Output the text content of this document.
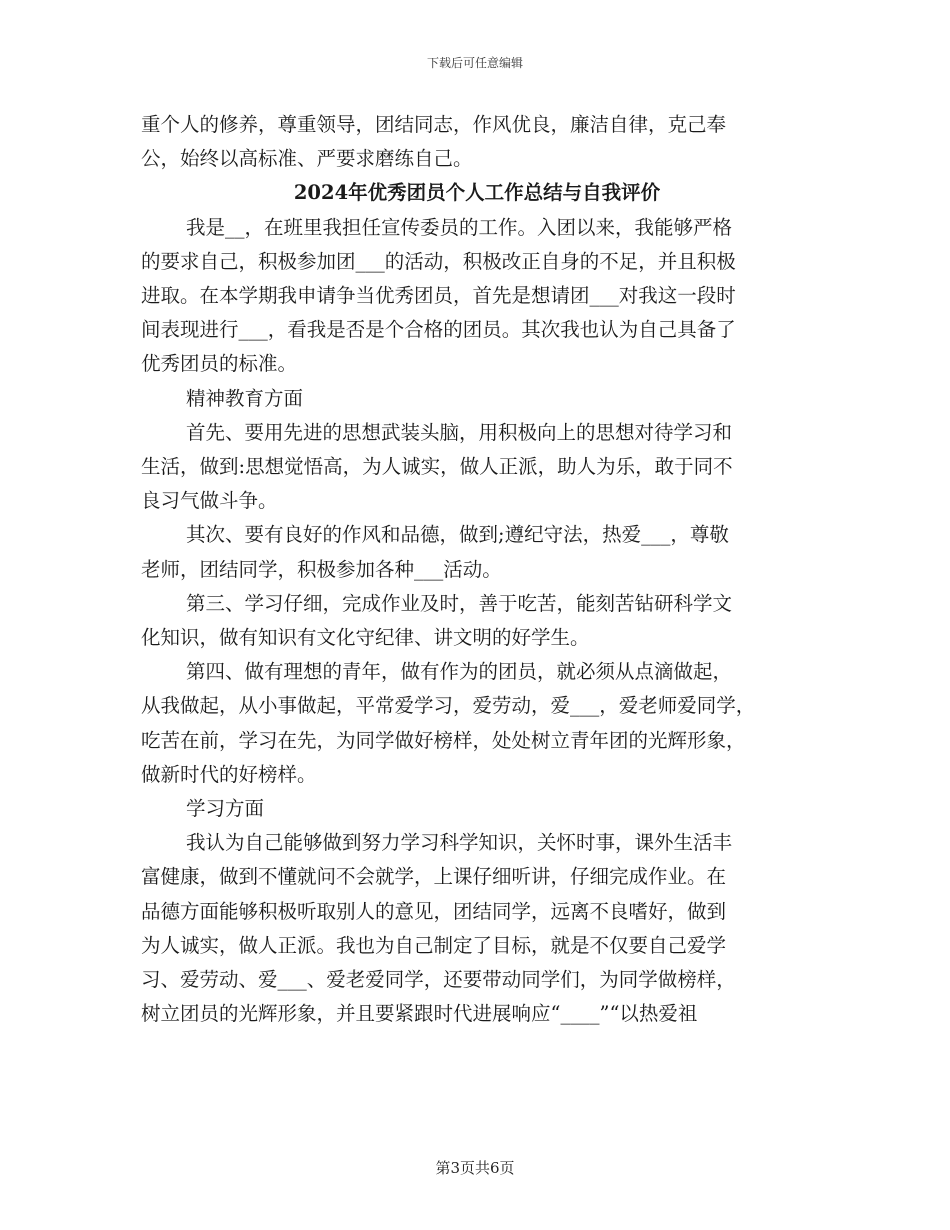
下载后可任意编辑

重个人的修养，尊重领导，团结同志，作风优良，廉洁自律，克己奉

公，始终以高标准、严要求磨练自己。

2024年优秀团员个人工作总结与自我评价

我是__，在班里我担任宣传委员的工作。入团以来，我能够严格

的要求自己，积极参加团___的活动，积极改正自身的不足，并且积极

进取。在本学期我申请争当优秀团员，首先是想请团___对我这一段时

间表现进行___，看我是否是个合格的团员。其次我也认为自己具备了

优秀团员的标准。

精神教育方面

首先、要用先进的思想武装头脑，用积极向上的思想对待学习和

生活，做到:思想觉悟高，为人诚实，做人正派，助人为乐，敢于同不

良习气做斗争。

其次、要有良好的作风和品德，做到;遵纪守法，热爱___，尊敬

老师，团结同学，积极参加各种___活动。

第三、学习仔细，完成作业及时，善于吃苦，能刻苦钻研科学文

化知识，做有知识有文化守纪律、讲文明的好学生。

第四、做有理想的青年，做有作为的团员，就必须从点滴做起，

从我做起，从小事做起，平常爱学习，爱劳动，爱___，爱老师爱同学，

吃苦在前，学习在先，为同学做好榜样，处处树立青年团的光辉形象，

做新时代的好榜样。

学习方面

我认为自己能够做到努力学习科学知识，关怀时事，课外生活丰

富健康，做到不懂就问不会就学，上课仔细听讲，仔细完成作业。在

品德方面能够积极听取别人的意见，团结同学，远离不良嗜好，做到

为人诚实，做人正派。我也为自己制定了目标，就是不仅要自己爱学

习、爱劳动、爱___、爱老爱同学，还要带动同学们，为同学做榜样，

树立团员的光辉形象，并且要紧跟时代进展响应“____”“以热爱祖

第3页共6页
